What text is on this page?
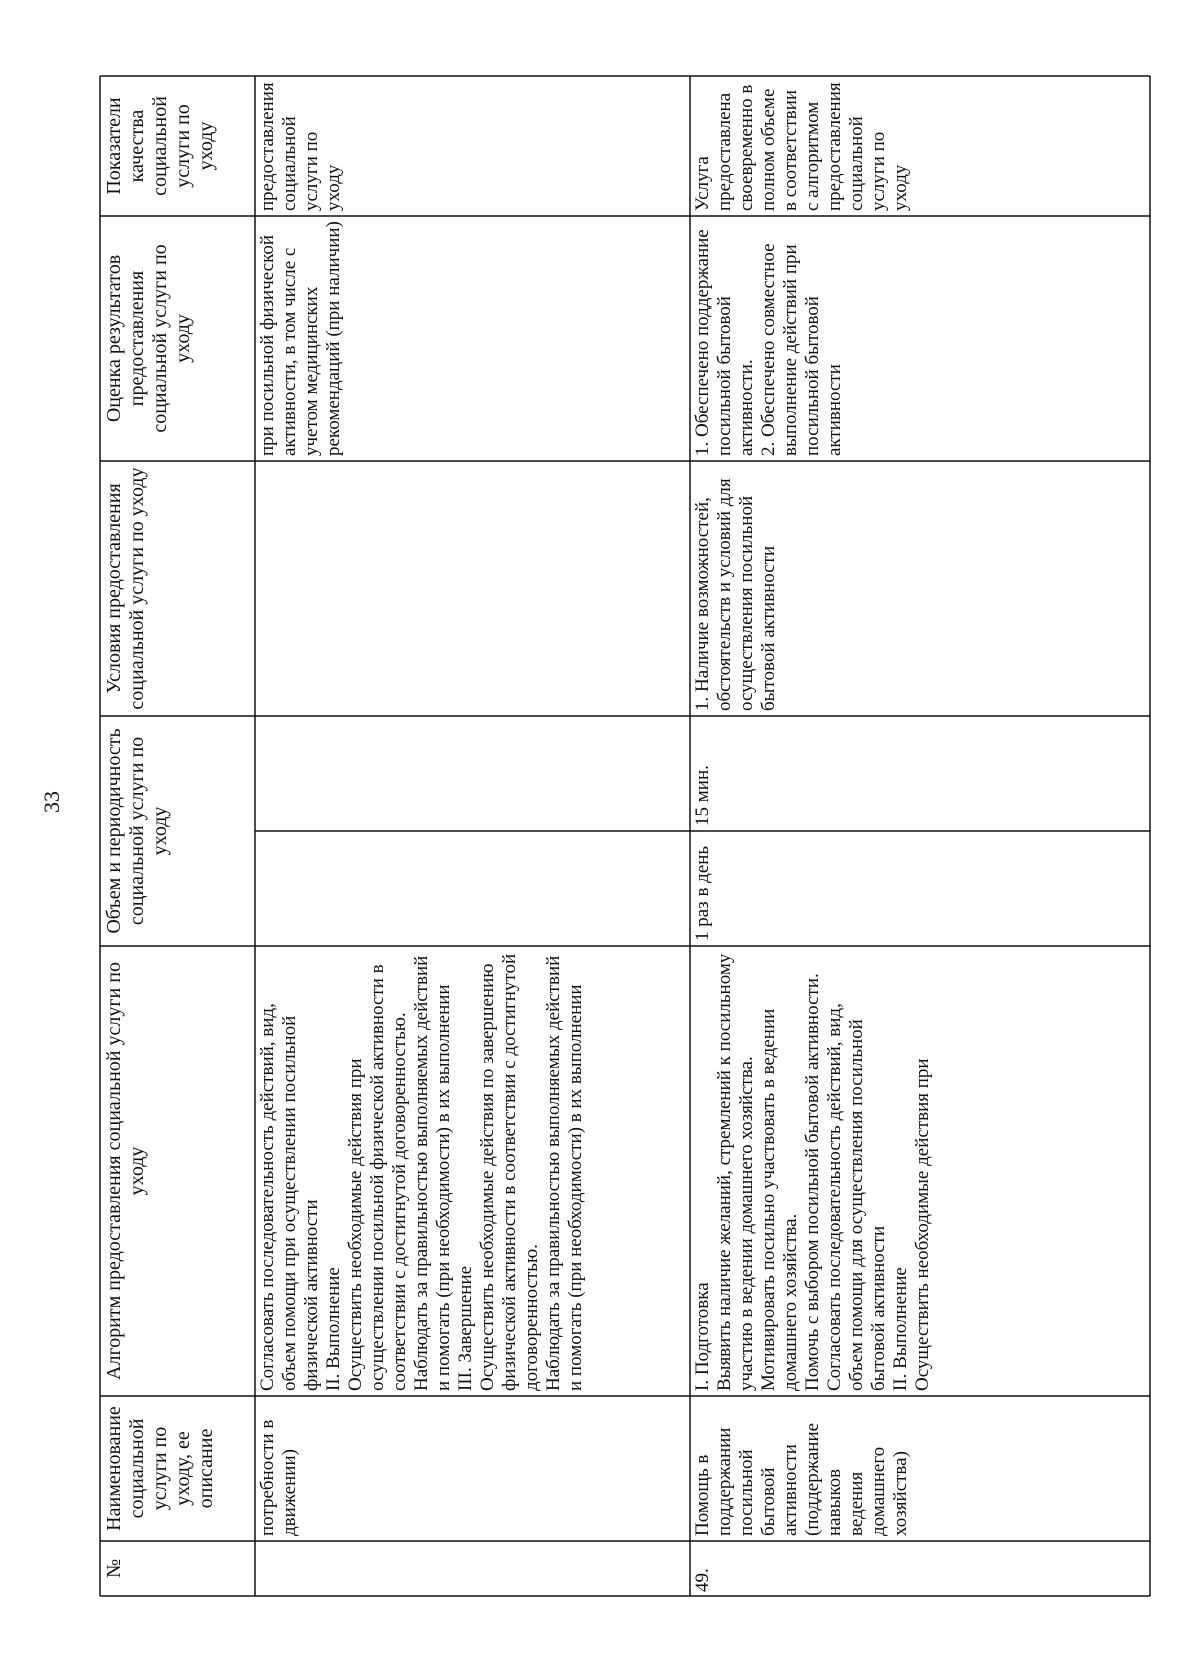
33
№
Наименование социальной услуги по уходу, ее описание
Алгоритм предоставления социальной услуги по уходу
Объем и периодичность социальной услуги по уходу
Условия предоставления социальной услуги по уходу
Оценка результатов предоставления социальной услуги по уходу
Показатели качества социальной услуги по уходу
потребности в движении)
Согласовать последовательность действий, вид, объем помощи при осуществлении посильной физической активности
II. Выполнение
Осуществить необходимые действия при осуществлении посильной физической активности в соответствии с достигнутой договоренностью.
Наблюдать за правильностью выполняемых действий и помогать (при необходимости) в их выполнении
III. Завершение
Осуществить необходимые действия по завершению физической активности в соответствии с достигнутой договоренностью.
Наблюдать за правильностью выполняемых действий и помогать (при необходимости) в их выполнении
при посильной физической активности, в том числе с учетом медицинских рекомендаций (при наличии)
предоставления социальной услуги по уходу
49.
Помощь в поддержании посильной бытовой активности (поддержание навыков ведения домашнего хозяйства)
I. Подготовка
Выявить наличие желаний, стремлений к посильному участию в ведении домашнего хозяйства.
Мотивировать посильно участвовать в ведении домашнего хозяйства.
Помочь с выбором посильной бытовой активности.
Согласовать последовательность действий, вид, объем помощи для осуществления посильной бытовой активности
II. Выполнение
Осуществить необходимые действия при
1 раз в день
15 мин.
1. Наличие возможностей, обстоятельств и условий для осуществления посильной бытовой активности
1. Обеспечено поддержание посильной бытовой активности.
2. Обеспечено совместное выполнение действий при посильной бытовой активности
Услуга предоставлена своевременно в полном объеме в соответствии с алгоритмом предоставления социальной услуги по уходу
